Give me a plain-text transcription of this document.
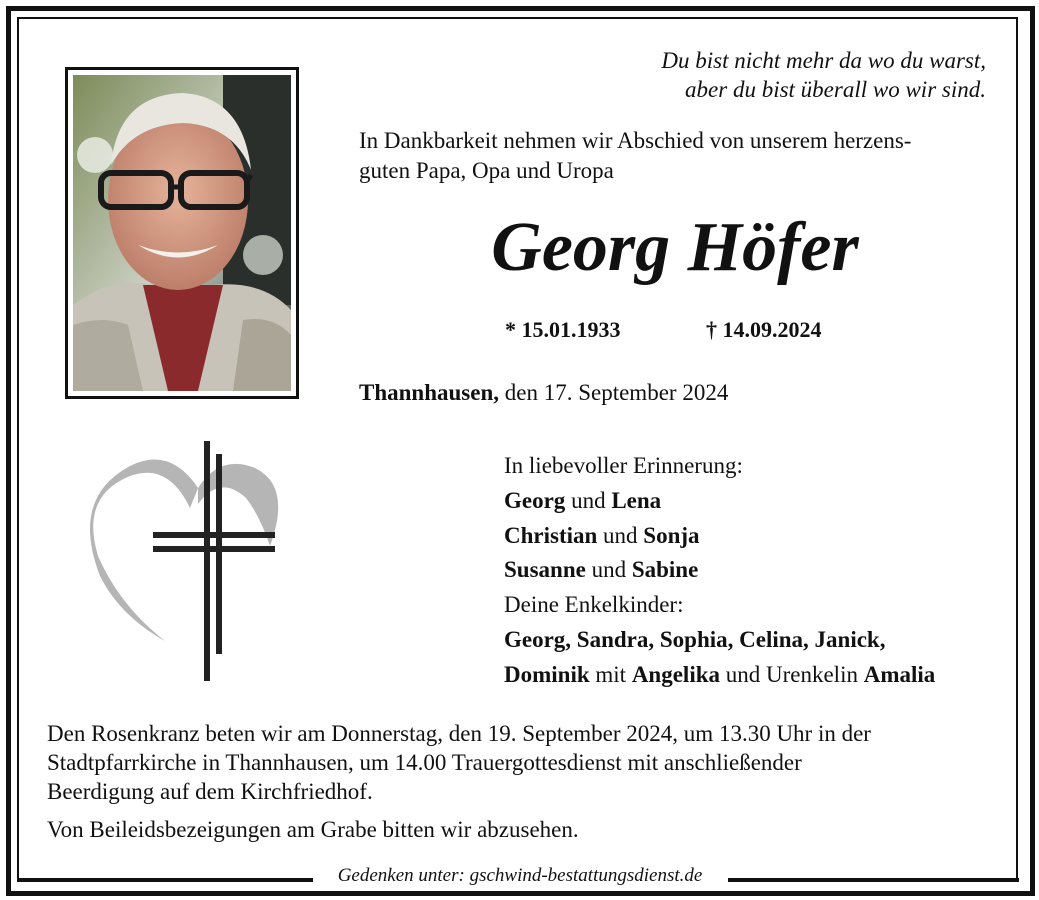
Gedenken unter: gschwind-bestattungsdienst.de
Du bist nicht mehr da wo du warst,
aber du bist überall wo wir sind.
In Dankbarkeit nehmen wir Abschied von unserem herzens-
guten Papa, Opa und Uropa
Georg Höfer
* 15.01.1933	† 14.09.2024
Thannhausen, den 17. September 2024
In liebevoller Erinnerung:
Georg und Lena
Christian und Sonja
Susanne und Sabine
Deine Enkelkinder:
Georg, Sandra, Sophia, Celina, Janick,
Dominik mit Angelika und Urenkelin Amalia
Den Rosenkranz beten wir am Donnerstag, den 19. September 2024, um 13.30 Uhr in der
Stadtpfarrkirche in Thannhausen, um 14.00 Trauergottesdienst mit anschließender
Beerdigung auf dem Kirchfriedhof.
Von Beileidsbezeigungen am Grabe bitten wir abzusehen.
